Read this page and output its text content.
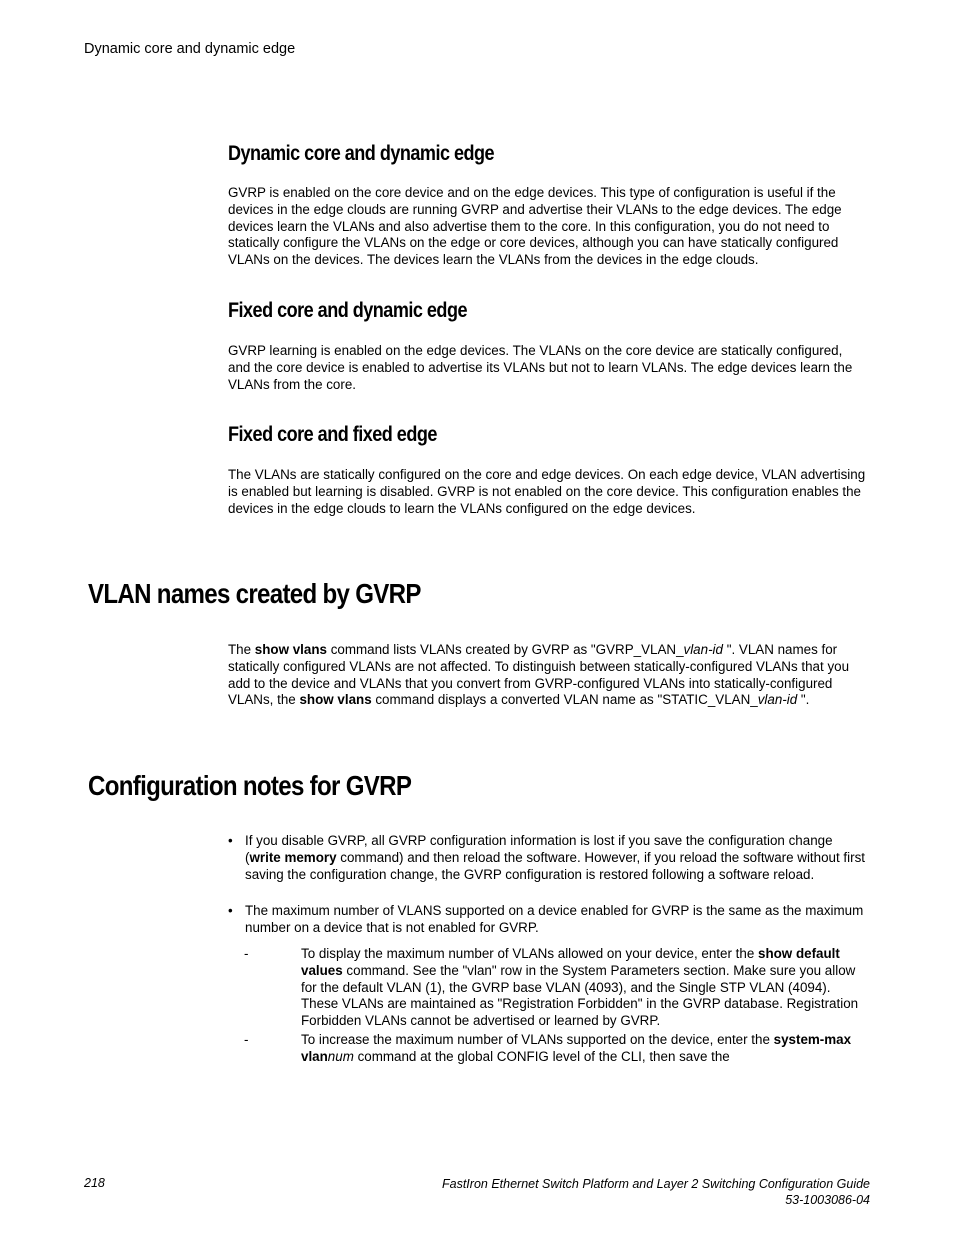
Dynamic core and dynamic edge
Dynamic core and dynamic edge

GVRP is enabled on the core device and on the edge devices. This type of configuration is useful if the devices in the edge clouds are running GVRP and advertise their VLANs to the edge devices. The edge devices learn the VLANs and also advertise them to the core. In this configuration, you do not need to statically configure the VLANs on the edge or core devices, although you can have statically configured VLANs on the devices. The devices learn the VLANs from the devices in the edge clouds.

Fixed core and dynamic edge

GVRP learning is enabled on the edge devices. The VLANs on the core device are statically configured, and the core device is enabled to advertise its VLANs but not to learn VLANs. The edge devices learn the VLANs from the core.

Fixed core and fixed edge

The VLANs are statically configured on the core and edge devices. On each edge device, VLAN advertising is enabled but learning is disabled. GVRP is not enabled on the core device. This configuration enables the devices in the edge clouds to learn the VLANs configured on the edge devices.

VLAN names created by GVRP

The show vlans command lists VLANs created by GVRP as "GVRP_VLAN_vlan-id ". VLAN names for statically configured VLANs are not affected. To distinguish between statically-configured VLANs that you add to the device and VLANs that you convert from GVRP-configured VLANs into statically-configured VLANs, the show vlans command displays a converted VLAN name as "STATIC_VLAN_vlan-id ".

Configuration notes for GVRP
• If you disable GVRP, all GVRP configuration information is lost if you save the configuration change (write memory command) and then reload the software. However, if you reload the software without first saving the configuration change, the GVRP configuration is restored following a software reload.
• The maximum number of VLANS supported on a device enabled for GVRP is the same as the maximum number on a device that is not enabled for GVRP.
-	To display the maximum number of VLANs allowed on your device, enter the show default values command. See the "vlan" row in the System Parameters section. Make sure you allow for the default VLAN (1), the GVRP base VLAN (4093), and the Single STP VLAN (4094). These VLANs are maintained as "Registration Forbidden" in the GVRP database. Registration Forbidden VLANs cannot be advertised or learned by GVRP.
-	To increase the maximum number of VLANs supported on the device, enter the system-max vlannum command at the global CONFIG level of the CLI, then save the
218	FastIron Ethernet Switch Platform and Layer 2 Switching Configuration Guide
53-1003086-04
